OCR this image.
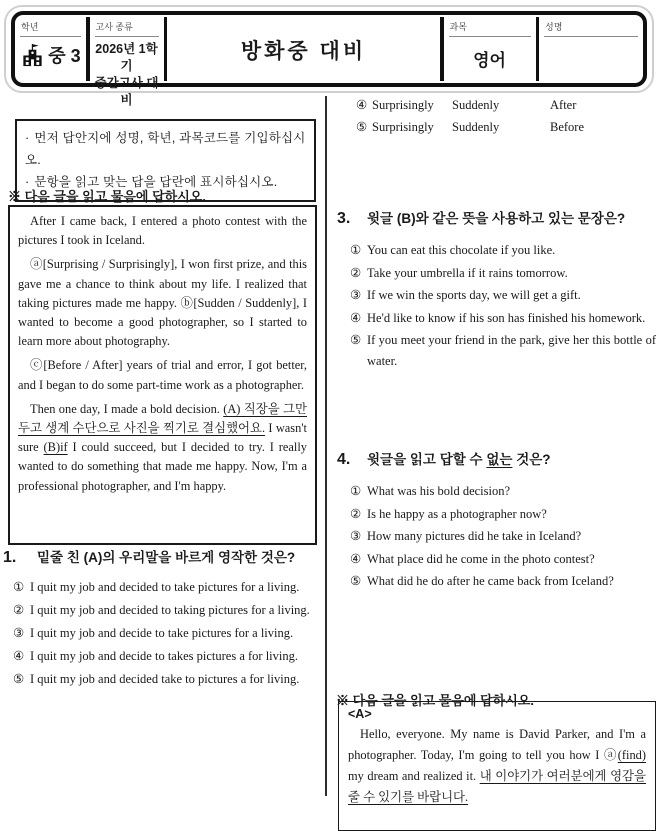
학년
중 3
고사 종류
2026년 1학기
중간고사 대비
방화중 대비
과목
영어
성명
· 먼저 답안지에 성명, 학년, 과목코드를 기입하십시오.
· 문항을 읽고 맞는 답을 답란에 표시하십시오.
※ 다음 글을 읽고 물음에 답하시오.

After I came back, I entered a photo contest with the pictures I took in Iceland.

ⓐ[Surprising / Surprisingly], I won first prize, and this gave me a chance to think about my life. I realized that taking pictures made me happy. ⓑ[Sudden / Suddenly], I wanted to become a good photographer, so I started to learn more about photography.

ⓒ[Before / After] years of trial and error, I got better, and I began to do some part-time work as a photographer.

Then one day, I made a bold decision. (A) 직장을 그만두고 생계 수단으로 사진을 찍기로 결심했어요. I wasn't sure (B)if I could succeed, but I decided to try. I really wanted to do something that made me happy. Now, I'm a professional photographer, and I'm happy.

1.	밑줄 친 (A)의 우리말을 바르게 영작한 것은?
① I quit my job and decided to take pictures for a living.
② I quit my job and decided to taking pictures for a living.
③ I quit my job and decide to take pictures for a living.
④ I quit my job and decide to takes pictures a for living.
⑤ I quit my job and decided take to pictures a for living.
④ Surprisingly	Suddenly	After
⑤ Surprisingly	Suddenly	Before
3.	윗글 (B)와 같은 뜻을 사용하고 있는 문장은?
① You can eat this chocolate if you like.
② Take your umbrella if it rains tomorrow.
③ If we win the sports day, we will get a gift.
④ He'd like to know if his son has finished his homework.
⑤ If you meet your friend in the park, give her this bottle of water.
4.	윗글을 읽고 답할 수 없는 것은?
① What was his bold decision?
② Is he happy as a photographer now?
③ How many pictures did he take in Iceland?
④ What place did he come in the photo contest?
⑤ What did he do after he came back from Iceland?
※ 다음 글을 읽고 물음에 답하시오.
<A>

Hello, everyone. My name is David Parker, and I'm a photographer. Today, I'm going to tell you how I ⓐ(find) my dream and realized it. 내 이야기가 여러분에게 영감을 줄 수 있기를 바랍니다.
